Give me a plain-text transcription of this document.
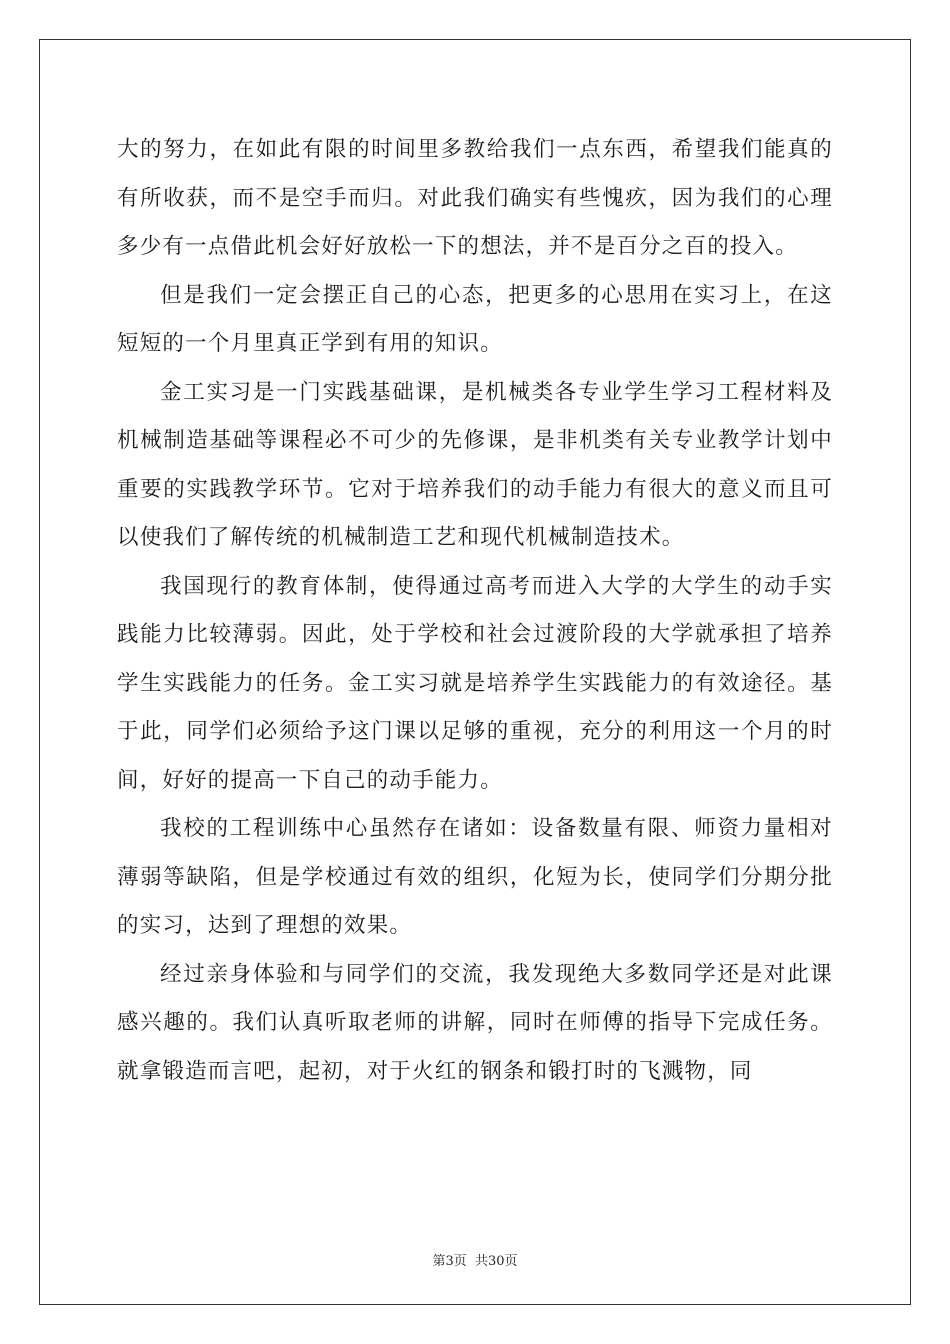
大的努力，在如此有限的时间里多教给我们一点东西，希望我们能真的有所收获，而不是空手而归。对此我们确实有些愧疚，因为我们的心理多少有一点借此机会好好放松一下的想法，并不是百分之百的投入。

但是我们一定会摆正自己的心态，把更多的心思用在实习上，在这短短的一个月里真正学到有用的知识。

金工实习是一门实践基础课，是机械类各专业学生学习工程材料及机械制造基础等课程必不可少的先修课，是非机类有关专业教学计划中重要的实践教学环节。它对于培养我们的动手能力有很大的意义而且可以使我们了解传统的机械制造工艺和现代机械制造技术。

我国现行的教育体制，使得通过高考而进入大学的大学生的动手实践能力比较薄弱。因此，处于学校和社会过渡阶段的大学就承担了培养学生实践能力的任务。金工实习就是培养学生实践能力的有效途径。基于此，同学们必须给予这门课以足够的重视，充分的利用这一个月的时间，好好的提高一下自己的动手能力。

我校的工程训练中心虽然存在诸如：设备数量有限、师资力量相对薄弱等缺陷，但是学校通过有效的组织，化短为长，使同学们分期分批的实习，达到了理想的效果。

经过亲身体验和与同学们的交流，我发现绝大多数同学还是对此课感兴趣的。我们认真听取老师的讲解，同时在师傅的指导下完成任务。就拿锻造而言吧，起初，对于火红的钢条和锻打时的飞溅物，同

第3页 共30页
